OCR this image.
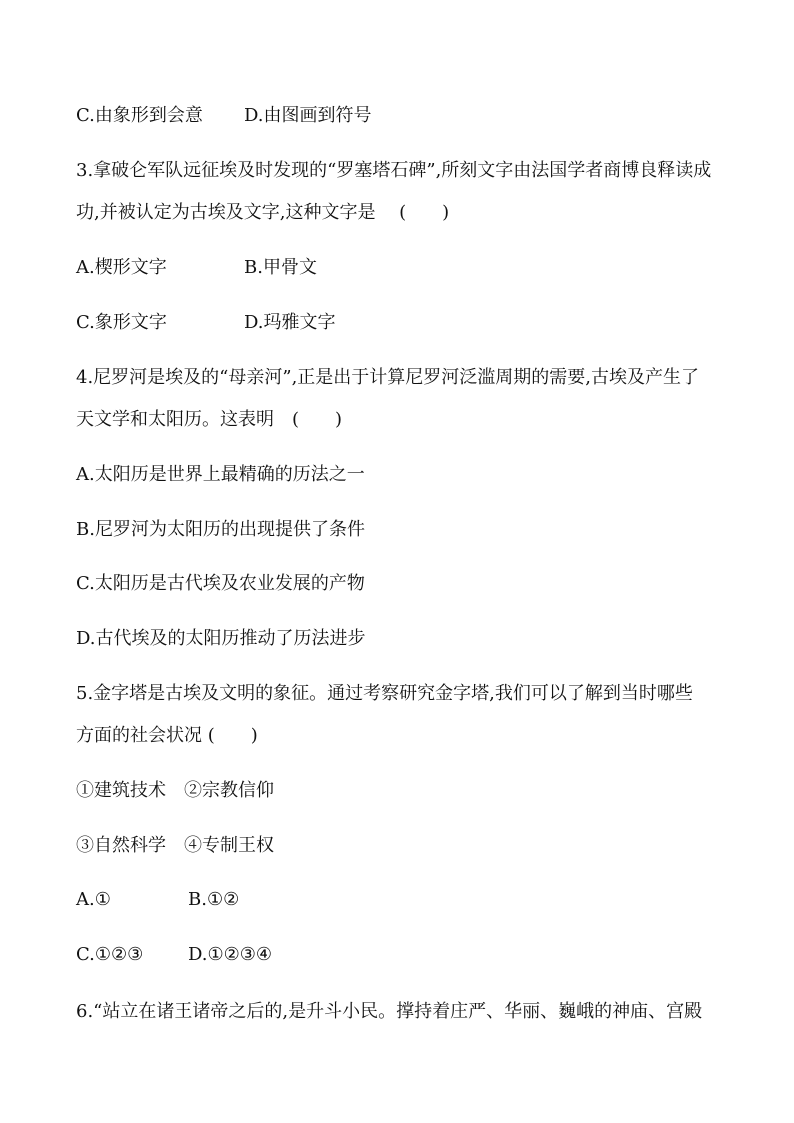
C.由象形到会意 D.由图画到符号
3.拿破仑军队远征埃及时发现的“罗塞塔石碑”,所刻文字由法国学者商博良释读成
功,并被认定为古埃及文字,这种文字是 　(　　)
A.楔形文字	B.甲骨文
C.象形文字	D.玛雅文字
4.尼罗河是埃及的“母亲河”,正是出于计算尼罗河泛滥周期的需要,古埃及产生了
天文学和太阳历。这表明　(　　)
A.太阳历是世界上最精确的历法之一
B.尼罗河为太阳历的出现提供了条件
C.太阳历是古代埃及农业发展的产物
D.古代埃及的太阳历推动了历法进步
5.金字塔是古埃及文明的象征。通过考察研究金字塔,我们可以了解到当时哪些
方面的社会状况 (　　)
①建筑技术　②宗教信仰
③自然科学　④专制王权
A.①	B.①②
C.①②③ D.①②③④
6.“站立在诸王诸帝之后的,是升斗小民。撑持着庄严、华丽、巍峨的神庙、宫殿
